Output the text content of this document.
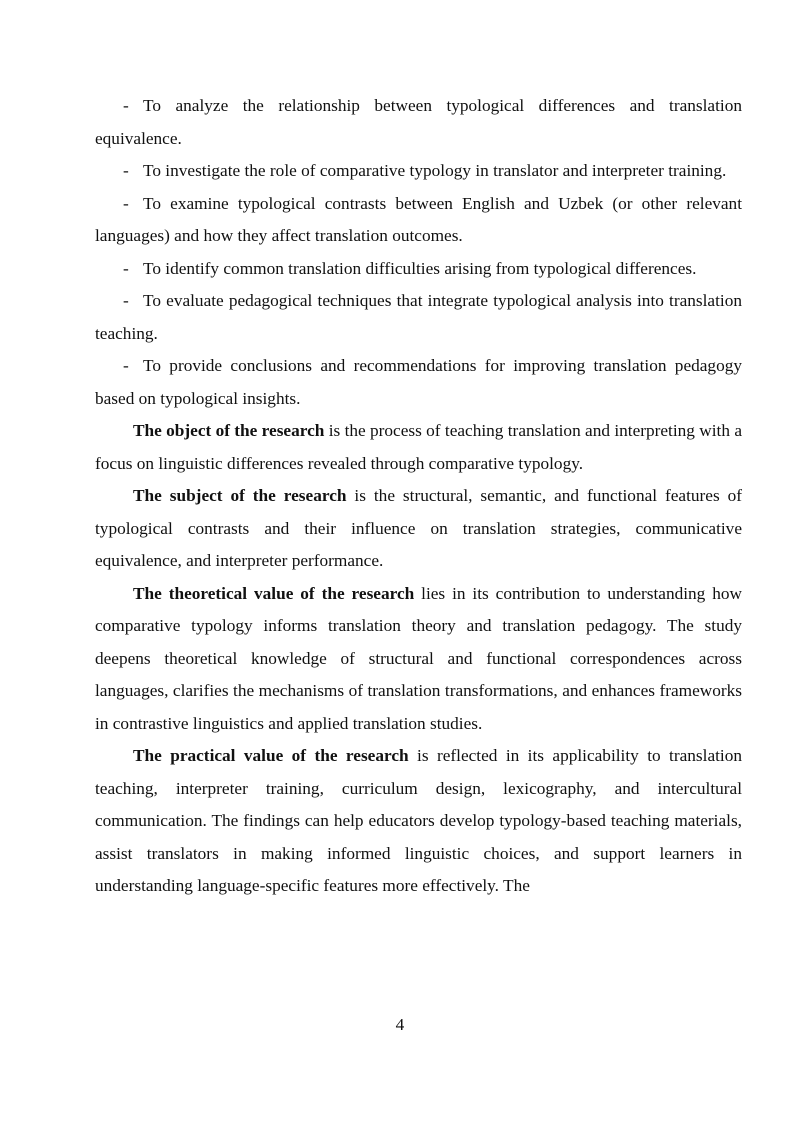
- To analyze the relationship between typological differences and translation equivalence.
- To investigate the role of comparative typology in translator and interpreter training.
- To examine typological contrasts between English and Uzbek (or other relevant languages) and how they affect translation outcomes.
- To identify common translation difficulties arising from typological differences.
- To evaluate pedagogical techniques that integrate typological analysis into translation teaching.
- To provide conclusions and recommendations for improving translation pedagogy based on typological insights.

The object of the research is the process of teaching translation and interpreting with a focus on linguistic differences revealed through comparative typology.

The subject of the research is the structural, semantic, and functional features of typological contrasts and their influence on translation strategies, communicative equivalence, and interpreter performance.

The theoretical value of the research lies in its contribution to understanding how comparative typology informs translation theory and translation pedagogy. The study deepens theoretical knowledge of structural and functional correspondences across languages, clarifies the mechanisms of translation transformations, and enhances frameworks in contrastive linguistics and applied translation studies.

The practical value of the research is reflected in its applicability to translation teaching, interpreter training, curriculum design, lexicography, and intercultural communication. The findings can help educators develop typology-based teaching materials, assist translators in making informed linguistic choices, and support learners in understanding language-specific features more effectively. The

4
